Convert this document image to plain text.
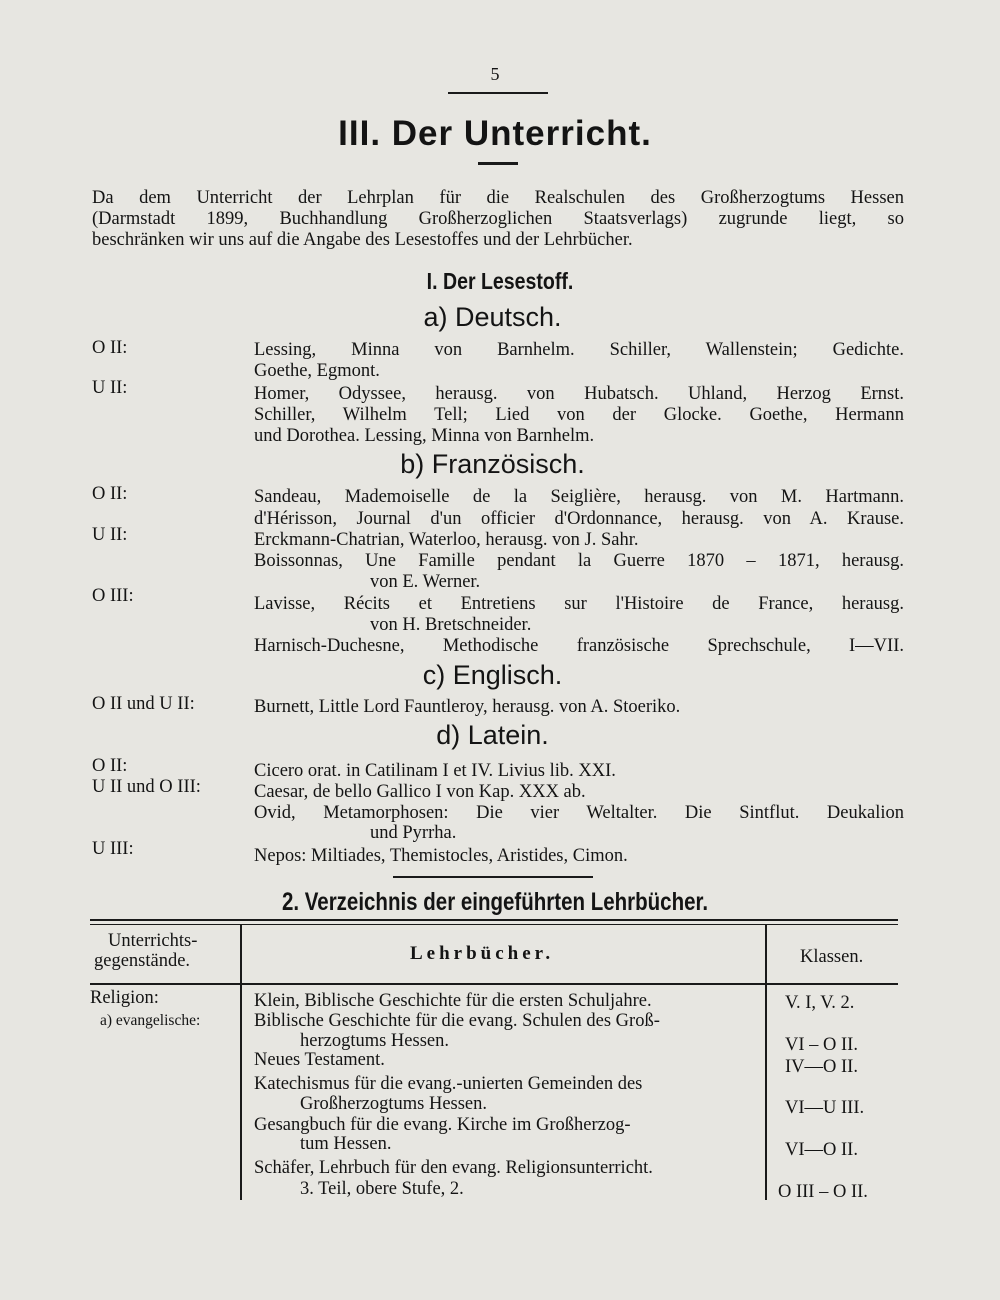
5
III. Der Unterricht.
Da dem Unterricht der Lehrplan für die Realschulen des Großherzogtums Hessen
(Darmstadt 1899, Buchhandlung Großherzoglichen Staatsverlags) zugrunde liegt, so
beschränken wir uns auf die Angabe des Lesestoffes und der Lehrbücher.
I. Der Lesestoff.
a) Deutsch.
O II:	Lessing, Minna von Barnhelm. Schiller, Wallenstein; Gedichte.
Goethe, Egmont.
U II:	Homer, Odyssee, herausg. von Hubatsch. Uhland, Herzog Ernst.
Schiller, Wilhelm Tell; Lied von der Glocke. Goethe, Hermann
und Dorothea. Lessing, Minna von Barnhelm.
b) Französisch.
O II:	Sandeau, Mademoiselle de la Seiglière, herausg. von M. Hartmann.
d'Hérisson, Journal d'un officier d'Ordonnance, herausg. von A. Krause.
U II:	Erckmann-Chatrian, Waterloo, herausg. von J. Sahr.
Boissonnas, Une Famille pendant la Guerre 1870 – 1871, herausg.
von E. Werner.
O III:	Lavisse, Récits et Entretiens sur l'Histoire de France, herausg.
von H. Bretschneider.
Harnisch-Duchesne, Methodische französische Sprechschule, I—VII.
c) Englisch.
O II und U II:	Burnett, Little Lord Fauntleroy, herausg. von A. Stoeriko.
d) Latein.
O II:	Cicero orat. in Catilinam I et IV. Livius lib. XXI.
U II und O III:	Caesar, de bello Gallico I von Kap. XXX ab.
Ovid, Metamorphosen: Die vier Weltalter. Die Sintflut. Deukalion
und Pyrrha.
U III:	Nepos: Miltiades, Themistocles, Aristides, Cimon.
2. Verzeichnis der eingeführten Lehrbücher.
Unterrichts-
gegenstände.	Lehrbücher.	Klassen.
Religion:
a) evangelische:
Klein, Biblische Geschichte für die ersten Schuljahre.	V. I, V. 2.
Biblische Geschichte für die evang. Schulen des Groß-
herzogtums Hessen.	VI – O II.
Neues Testament.	IV—O II.
Katechismus für die evang.-unierten Gemeinden des
Großherzogtums Hessen.	VI—U III.
Gesangbuch für die evang. Kirche im Großherzog-
tum Hessen.	VI—O II.
Schäfer, Lehrbuch für den evang. Religionsunterricht.
3. Teil, obere Stufe, 2.	O III – O II.
